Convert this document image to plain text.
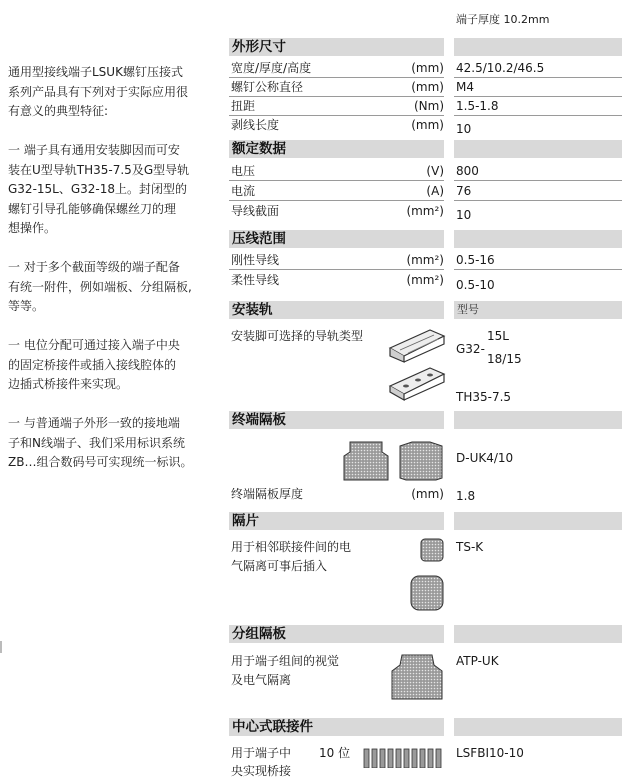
端子厚度 10.2mm
通用型接线端子LSUK螺钉压接式
系列产品具有下列对于实际应用很
有意义的典型特征:
一 端子具有通用安装脚因而可安
装在U型导轨TH35-7.5及G型导轨
G32-15L、G32-18上。封闭型的
螺钉引导孔能够确保螺丝刀的理
想操作。
一 对于多个截面等级的端子配备
有统一附件，例如端板、分组隔板,
等等。
一 电位分配可通过接入端子中央
的固定桥接件或插入接线腔体的
边插式桥接件来实现。
一 与普通端子外形一致的接地端
子和N线端子、我们采用标识系统
ZB…组合数码号可实现统一标识。
外形尺寸
宽度/厚度/高度	(mm) 42.5/10.2/46.5
螺钉公称直径	(mm) M4
扭距	(Nm) 1.5-1.8
剥线长度	(mm) 10
额定数据
电压	(V) 800
电流	(A) 76
导线截面	(mm²) 10
压线范围
刚性导线	(mm²) 0.5-16
柔性导线	(mm²) 0.5-10
安装轨	型号
安装脚可选择的导轨类型
G32-
15L
18/15
TH35-7.5
终端隔板
D-UK4/10
终端隔板厚度	(mm) 1.8
隔片
用于相邻联接件间的电
气隔离可事后插入
TS-K
分组隔板
用于端子组间的视觉
及电气隔离
ATP-UK
中心式联接件
用于端子中
央实现桥接
10 位	LSFBI10-10
